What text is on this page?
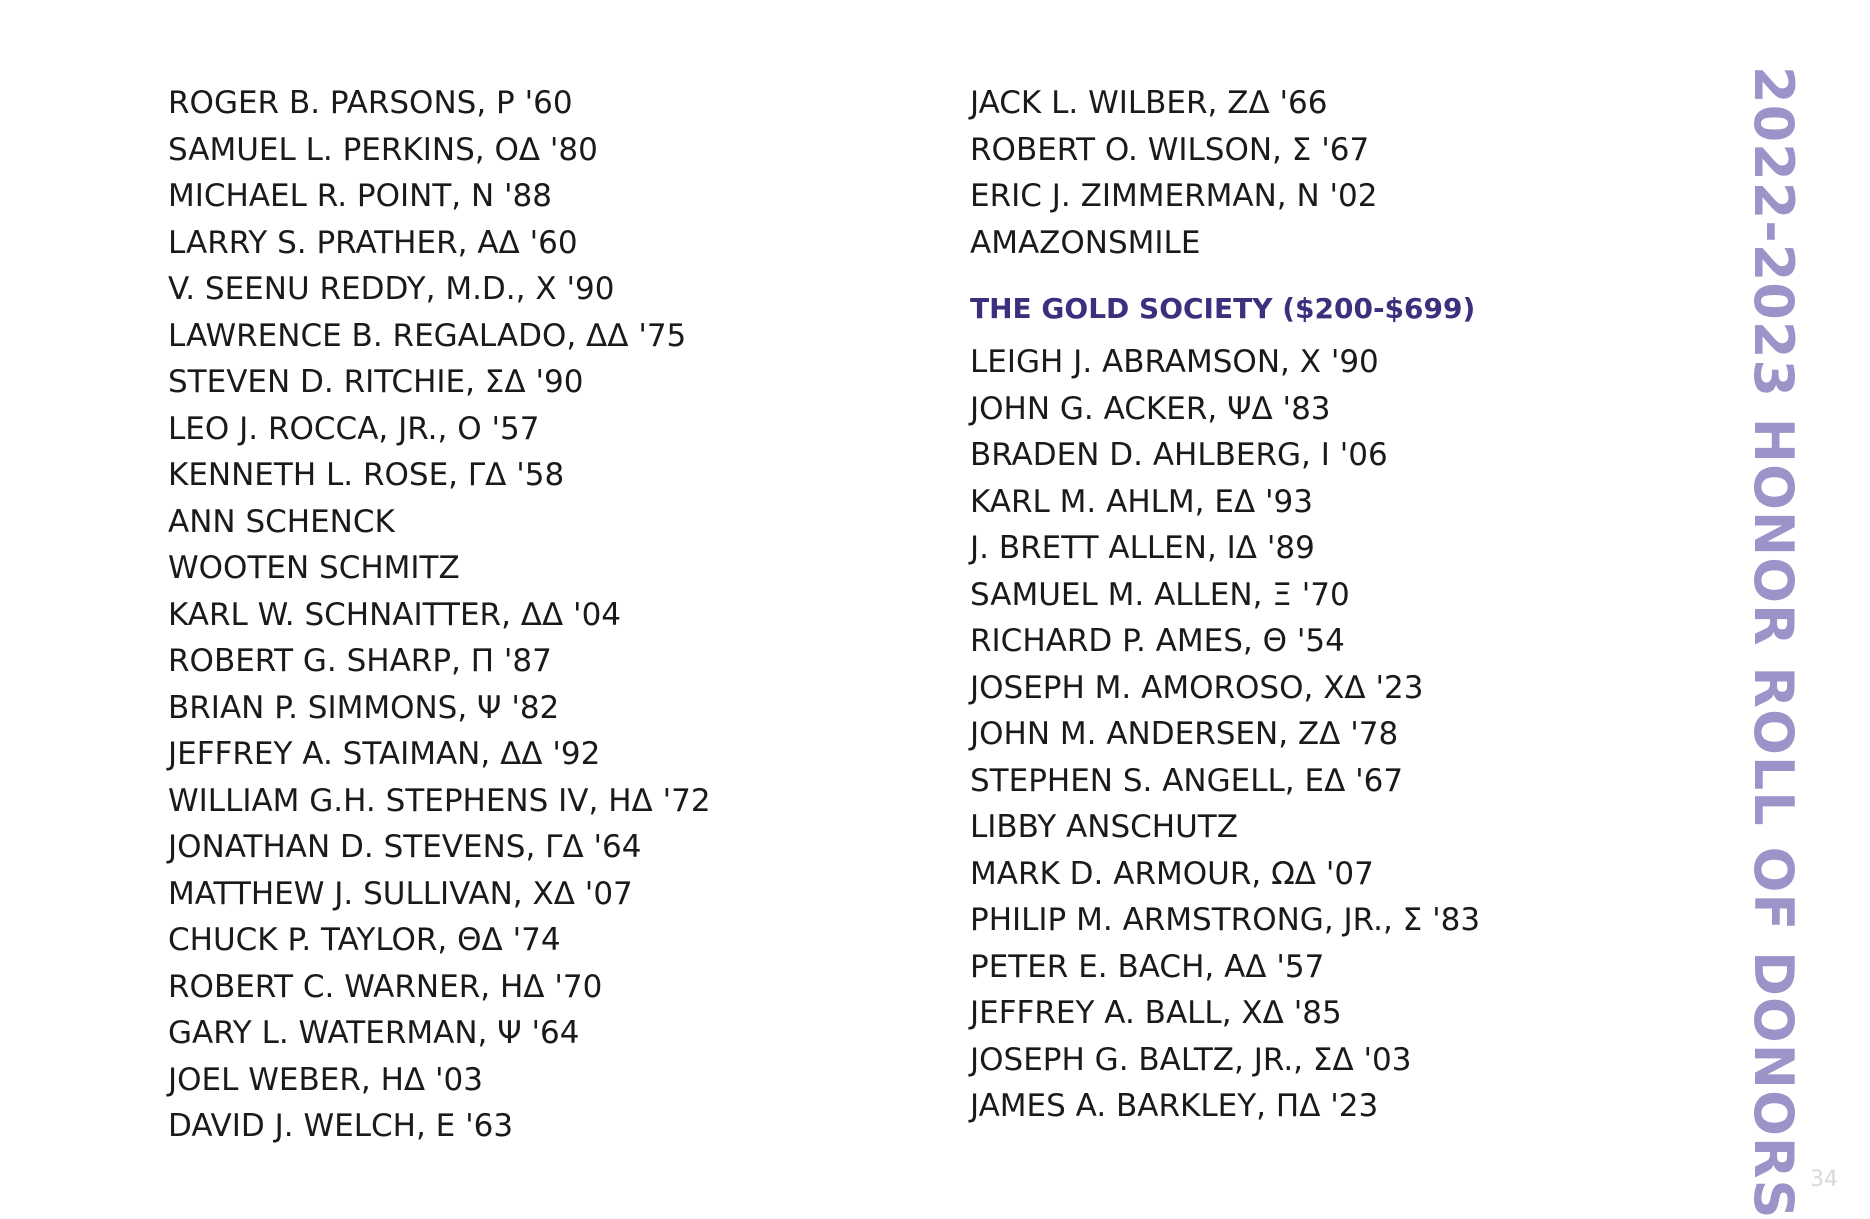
ROGER B. PARSONS, P '60
SAMUEL L. PERKINS, OΔ '80
MICHAEL R. POINT, N '88
LARRY S. PRATHER, AΔ '60
V. SEENU REDDY, M.D., X '90
LAWRENCE B. REGALADO, ΔΔ '75
STEVEN D. RITCHIE, ΣΔ '90
LEO J. ROCCA, JR., O '57
KENNETH L. ROSE, ΓΔ '58
ANN SCHENCK
WOOTEN SCHMITZ
KARL W. SCHNAITTER, ΔΔ '04
ROBERT G. SHARP, Π '87
BRIAN P. SIMMONS, Ψ '82
JEFFREY A. STAIMAN, ΔΔ '92
WILLIAM G.H. STEPHENS IV, HΔ '72
JONATHAN D. STEVENS, ΓΔ '64
MATTHEW J. SULLIVAN, XΔ '07
CHUCK P. TAYLOR, ΘΔ '74
ROBERT C. WARNER, HΔ '70
GARY L. WATERMAN, Ψ '64
JOEL WEBER, HΔ '03
DAVID J. WELCH, E '63
JACK L. WILBER, ZΔ '66
ROBERT O. WILSON, Σ '67
ERIC J. ZIMMERMAN, N '02
AMAZONSMILE
THE GOLD SOCIETY ($200-$699)
LEIGH J. ABRAMSON, X '90
JOHN G. ACKER, ΨΔ '83
BRADEN D. AHLBERG, I '06
KARL M. AHLM, EΔ '93
J. BRETT ALLEN, IΔ '89
SAMUEL M. ALLEN, Ξ '70
RICHARD P. AMES, Θ '54
JOSEPH M. AMOROSO, XΔ '23
JOHN M. ANDERSEN, ZΔ '78
STEPHEN S. ANGELL, EΔ '67
LIBBY ANSCHUTZ
MARK D. ARMOUR, ΩΔ '07
PHILIP M. ARMSTRONG, JR., Σ '83
PETER E. BACH, AΔ '57
JEFFREY A. BALL, XΔ '85
JOSEPH G. BALTZ, JR., ΣΔ '03
JAMES A. BARKLEY, ΠΔ '23	2022-2023 HONOR ROLL OF DONORS 34
